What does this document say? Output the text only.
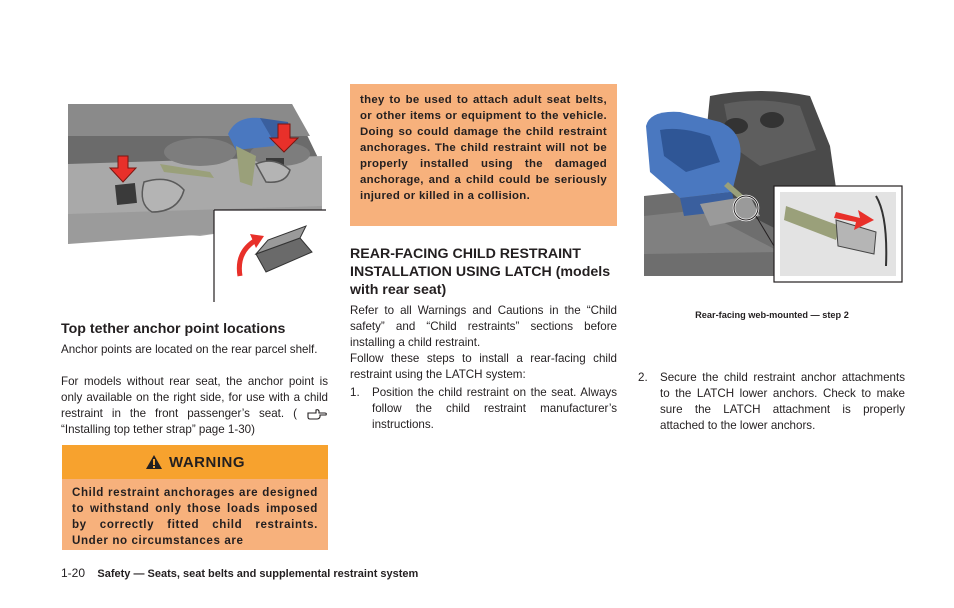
Top tether anchor point locations

Anchor points are located on the rear parcel shelf.

For models without rear seat, the anchor point is only available on the right side, for use with a child restraint in the front passenger’s seat. (  “Installing top tether strap” page 1-30)
WARNING
Child restraint anchorages are designed to withstand only those loads imposed by correctly fitted child restraints. Under no circumstances are
they to be used to attach adult seat belts, or other items or equipment to the vehicle. Doing so could damage the child restraint anchorages. The child restraint will not be properly installed using the damaged anchorage, and a child could be seriously injured or killed in a collision.
REAR-FACING CHILD RESTRAINT INSTALLATION USING LATCH (models with rear seat)

Refer to all Warnings and Cautions in the “Child safety” and “Child restraints” sections before installing a child restraint.

Follow these steps to install a rear-facing child restraint using the LATCH system:

1. Position the child restraint on the seat. Always follow the child restraint manufacturer’s instructions.
Rear-facing web-mounted — step 2
2. Secure the child restraint anchor attachments to the LATCH lower anchors. Check to make sure the LATCH attachment is properly attached to the lower anchors.
1-20 Safety — Seats, seat belts and supplemental restraint system
